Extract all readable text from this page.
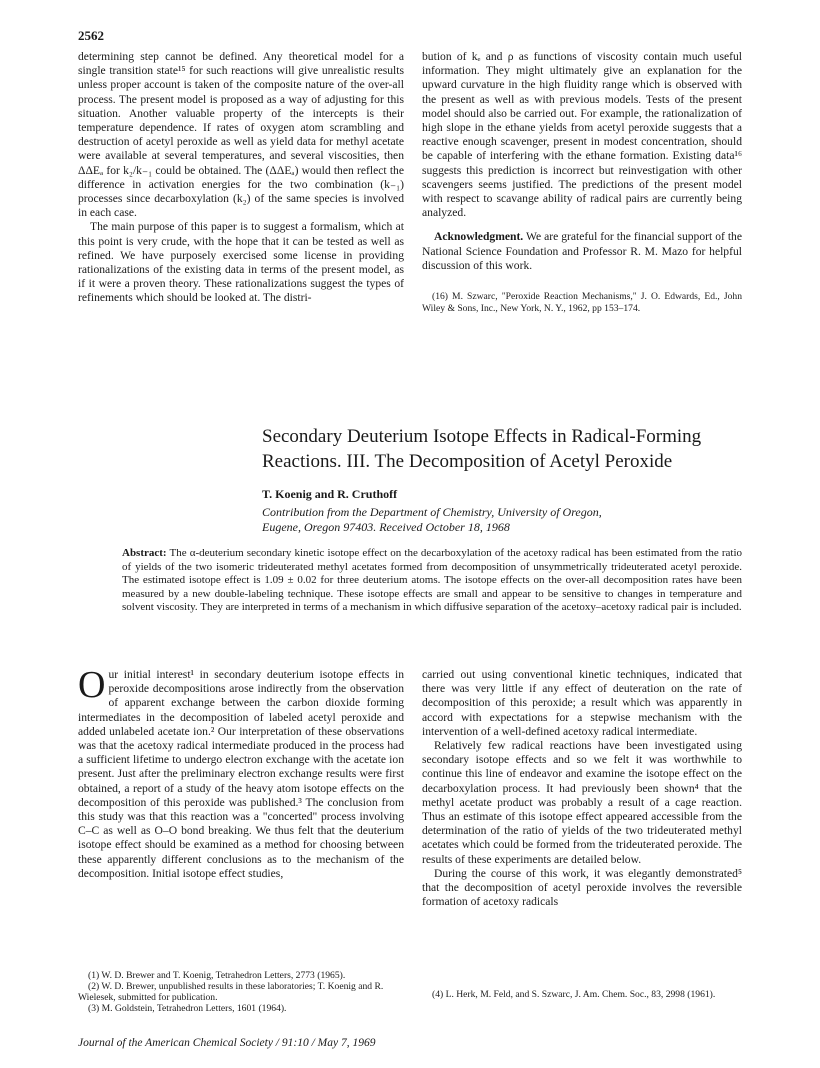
2562

determining step cannot be defined. Any theoretical model for a single transition state¹⁵ for such reactions will give unrealistic results unless proper account is taken of the composite nature of the over-all process. The present model is proposed as a way of adjusting for this situation. Another valuable property of the intercepts is their temperature dependence. If rates of oxygen atom scrambling and destruction of acetyl peroxide as well as yield data for methyl acetate were available at several temperatures, and several viscosities, then ΔΔEₐ for k₂/k₋₁ could be obtained. The (ΔΔEₐ) would then reflect the difference in activation energies for the two combination (k₋₁) processes since decarboxylation (k₂) of the same species is involved in each case.

The main purpose of this paper is to suggest a formalism, which at this point is very crude, with the hope that it can be tested as well as refined. We have purposely exercised some license in providing rationalizations of the existing data in terms of the present model, as if it were a proven theory. These rationalizations suggest the types of refinements which should be looked at. The distri-

bution of kₑ and ρ as functions of viscosity contain much useful information. They might ultimately give an explanation for the upward curvature in the high fluidity range which is observed with the present as well as with previous models. Tests of the present model should also be carried out. For example, the rationalization of high slope in the ethane yields from acetyl peroxide suggests that a reactive enough scavenger, present in modest concentration, should be capable of interfering with the ethane formation. Existing data¹⁶ suggests this prediction is incorrect but reinvestigation with other scavengers seems justified. The predictions of the present model with respect to scavange ability of radical pairs are currently being analyzed.

Acknowledgment. We are grateful for the financial support of the National Science Foundation and Professor R. M. Mazo for helpful discussion of this work.

(16) M. Szwarc, "Peroxide Reaction Mechanisms," J. O. Edwards, Ed., John Wiley & Sons, Inc., New York, N. Y., 1962, pp 153–174.

Secondary Deuterium Isotope Effects in Radical-Forming
Reactions. III. The Decomposition of Acetyl Peroxide
T. Koenig and R. Cruthoff
Contribution from the Department of Chemistry, University of Oregon,
Eugene, Oregon 97403. Received October 18, 1968

Abstract: The α-deuterium secondary kinetic isotope effect on the decarboxylation of the acetoxy radical has been estimated from the ratio of yields of the two isomeric trideuterated methyl acetates formed from decomposition of unsymmetrically trideuterated acetyl peroxide. The estimated isotope effect is 1.09 ± 0.02 for three deuterium atoms. The isotope effects on the over-all decomposition rates have been measured by a new double-labeling technique. These isotope effects are small and appear to be sensitive to changes in temperature and solvent viscosity. They are interpreted in terms of a mechanism in which diffusive separation of the acetoxy–acetoxy radical pair is included.

Our initial interest¹ in secondary deuterium isotope effects in peroxide decompositions arose indirectly from the observation of apparent exchange between the carbon dioxide forming intermediates in the decomposition of labeled acetyl peroxide and added unlabeled acetate ion.² Our interpretation of these observations was that the acetoxy radical intermediate produced in the process had a sufficient lifetime to undergo electron exchange with the acetate ion present. Just after the preliminary electron exchange results were first obtained, a report of a study of the heavy atom isotope effects on the decomposition of this peroxide was published.³ The conclusion from this study was that this reaction was a "concerted" process involving C–C as well as O–O bond breaking. We thus felt that the deuterium isotope effect should be examined as a method for choosing between these apparently different conclusions as to the mechanism of the decomposition. Initial isotope effect studies,

carried out using conventional kinetic techniques, indicated that there was very little if any effect of deuteration on the rate of decomposition of this peroxide; a result which was apparently in accord with expectations for a stepwise mechanism with the intervention of a well-defined acetoxy radical intermediate.

Relatively few radical reactions have been investigated using secondary isotope effects and so we felt it was worthwhile to continue this line of endeavor and examine the isotope effect on the decarboxylation process. It had previously been shown⁴ that the methyl acetate product was probably a result of a cage reaction. Thus an estimate of this isotope effect appeared accessible from the determination of the ratio of yields of the two trideuterated methyl acetates which could be formed from the trideuterated peroxide. The results of these experiments are detailed below.

During the course of this work, it was elegantly demonstrated⁵ that the decomposition of acetyl peroxide involves the reversible formation of acetoxy radicals

(1) W. D. Brewer and T. Koenig, Tetrahedron Letters, 2773 (1965).

(2) W. D. Brewer, unpublished results in these laboratories; T. Koenig and R. Wielesek, submitted for publication.

(3) M. Goldstein, Tetrahedron Letters, 1601 (1964).

(4) L. Herk, M. Feld, and S. Szwarc, J. Am. Chem. Soc., 83, 2998 (1961).

Journal of the American Chemical Society / 91:10 / May 7, 1969
